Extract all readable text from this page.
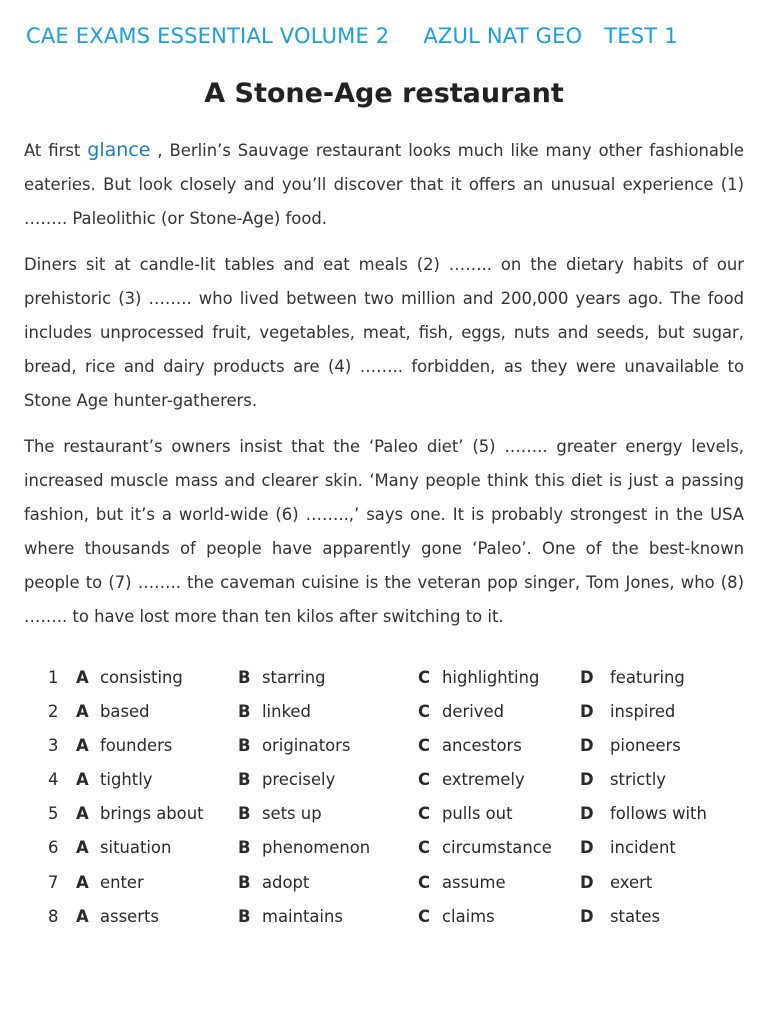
CAE EXAMS ESSENTIAL VOLUME 2 AZUL NAT GEO TEST 1
A Stone-Age restaurant

At first glance , Berlin’s Sauvage restaurant looks much like many other fashionable eateries. But look closely and you’ll discover that it offers an unusual experience (1) …….. Paleolithic (or Stone-Age) food.

Diners sit at candle-lit tables and eat meals (2) …….. on the dietary habits of our prehistoric (3) …….. who lived between two million and 200,000 years ago. The food includes unprocessed fruit, vegetables, meat, fish, eggs, nuts and seeds, but sugar, bread, rice and dairy products are (4) …….. forbidden, as they were unavailable to Stone Age hunter-gatherers.

The restaurant’s owners insist that the ‘Paleo diet’ (5) …….. greater energy levels, increased muscle mass and clearer skin. ‘Many people think this diet is just a passing fashion, but it’s a world-wide (6) ……..,’ says one. It is probably strongest in the USA where thousands of people have apparently gone ‘Paleo’. One of the best-known people to (7) …….. the caveman cuisine is the veteran pop singer, Tom Jones, who (8) …….. to have lost more than ten kilos after switching to it.

1 A consisting	B starring	C highlighting D featuring
2 A based	B linked	C derived	D inspired
3 A founders	B originators	C ancestors	D pioneers
4 A tightly	B precisely	C extremely	D strictly
5 A brings about B sets up	C pulls out	D follows with
6 A situation	B phenomenon	C circumstance D incident
7 A enter	B adopt	C assume	D exert
8 A asserts	B maintains	C claims	D states
